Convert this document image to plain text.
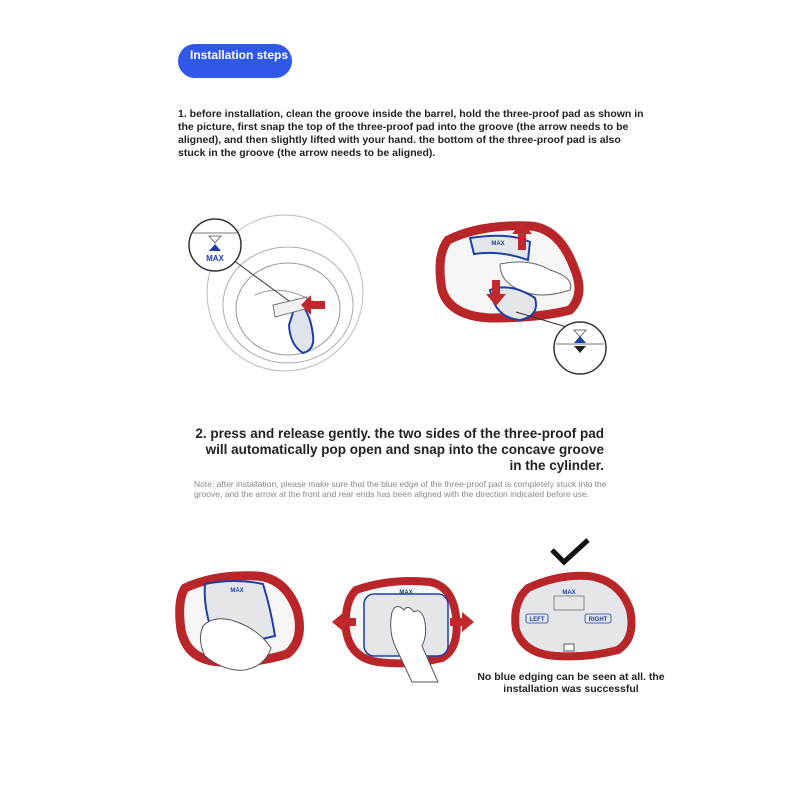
Installation steps
1. before installation, clean the groove inside the barrel, hold the three-proof pad as shown in the picture, first snap the top of the three-proof pad into the groove (the arrow needs to be aligned), and then slightly lifted with your hand. the bottom of the three-proof pad is also stuck in the groove (the arrow needs to be aligned).
MAX
MAX
2. press and release gently. the two sides of the three-proof pad will automatically pop open and snap into the concave groove in the cylinder.
Note: after installation, please make sure that the blue edge of the three-proof pad is completely stuck into the groove, and the arrow at the front and rear ends has been aligned with the direction indicated before use.
MAX	MAX	MAX
LEFT	RIGHT
No blue edging can be seen at all. the installation was successful
